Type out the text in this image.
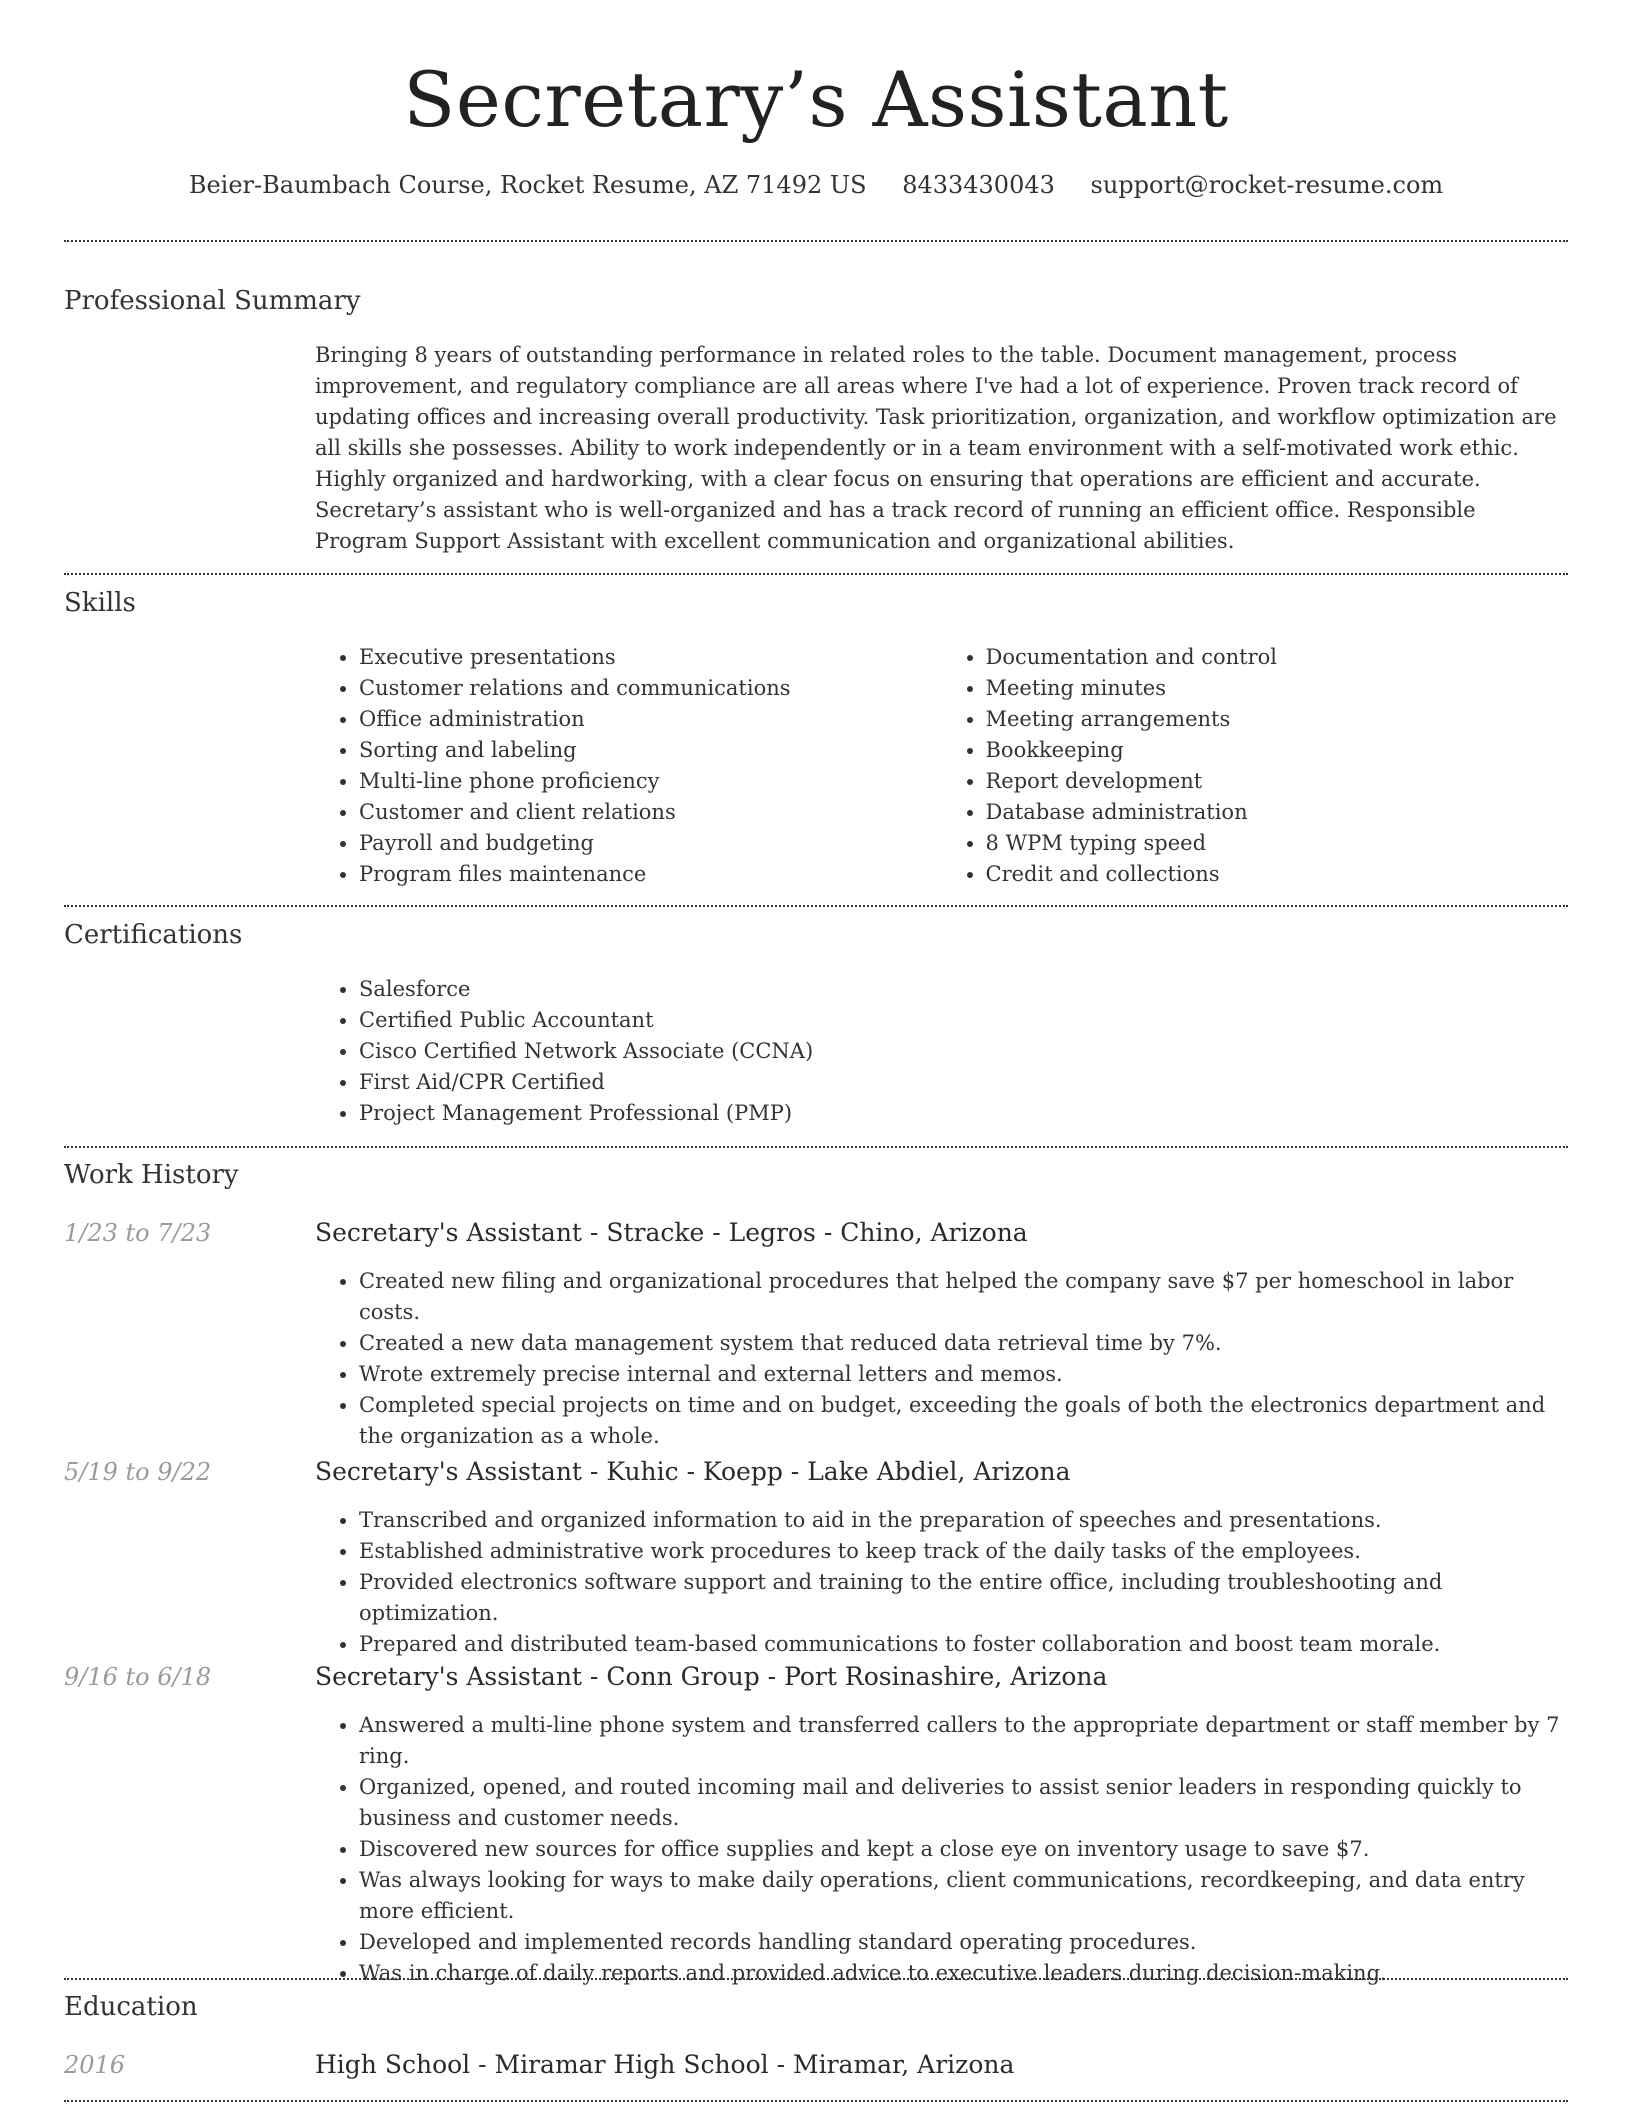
Secretary’s Assistant
Beier-Baumbach Course, Rocket Resume, AZ 71492 US 8433430043 support@rocket-resume.com
Professional Summary

Bringing 8 years of outstanding performance in related roles to the table. Document management, process improvement, and regulatory compliance are all areas where I've had a lot of experience. Proven track record of updating offices and increasing overall productivity. Task prioritization, organization, and workflow optimization are all skills she possesses. Ability to work independently or in a team environment with a self-motivated work ethic. Highly organized and hardworking, with a clear focus on ensuring that operations are efficient and accurate. Secretary’s assistant who is well-organized and has a track record of running an efficient office. Responsible Program Support Assistant with excellent communication and organizational abilities.

Skills
• Executive presentations
• Customer relations and communications
• Office administration
• Sorting and labeling
• Multi-line phone proficiency
• Customer and client relations
• Payroll and budgeting
• Program files maintenance
• Documentation and control
• Meeting minutes
• Meeting arrangements
• Bookkeeping
• Report development
• Database administration
• 8 WPM typing speed
• Credit and collections
Certifications
• Salesforce
• Certified Public Accountant
• Cisco Certified Network Associate (CCNA)
• First Aid/CPR Certified
• Project Management Professional (PMP)
Work History
1/23 to 7/23	Secretary's Assistant - Stracke - Legros - Chino, Arizona
• Created new filing and organizational procedures that helped the company save $7 per homeschool in labor costs.
• Created a new data management system that reduced data retrieval time by 7%.
• Wrote extremely precise internal and external letters and memos.
• Completed special projects on time and on budget, exceeding the goals of both the electronics department and the organization as a whole.
5/19 to 9/22	Secretary's Assistant - Kuhic - Koepp - Lake Abdiel, Arizona
• Transcribed and organized information to aid in the preparation of speeches and presentations.
• Established administrative work procedures to keep track of the daily tasks of the employees.
• Provided electronics software support and training to the entire office, including troubleshooting and optimization.
• Prepared and distributed team-based communications to foster collaboration and boost team morale.
9/16 to 6/18	Secretary's Assistant - Conn Group - Port Rosinashire, Arizona
• Answered a multi-line phone system and transferred callers to the appropriate department or staff member by 7 ring.
• Organized, opened, and routed incoming mail and deliveries to assist senior leaders in responding quickly to business and customer needs.
• Discovered new sources for office supplies and kept a close eye on inventory usage to save $7.
• Was always looking for ways to make daily operations, client communications, recordkeeping, and data entry more efficient.
• Developed and implemented records handling standard operating procedures.
• Was in charge of daily reports and provided advice to executive leaders during decision-making.
Education
2016	High School - Miramar High School - Miramar, Arizona
